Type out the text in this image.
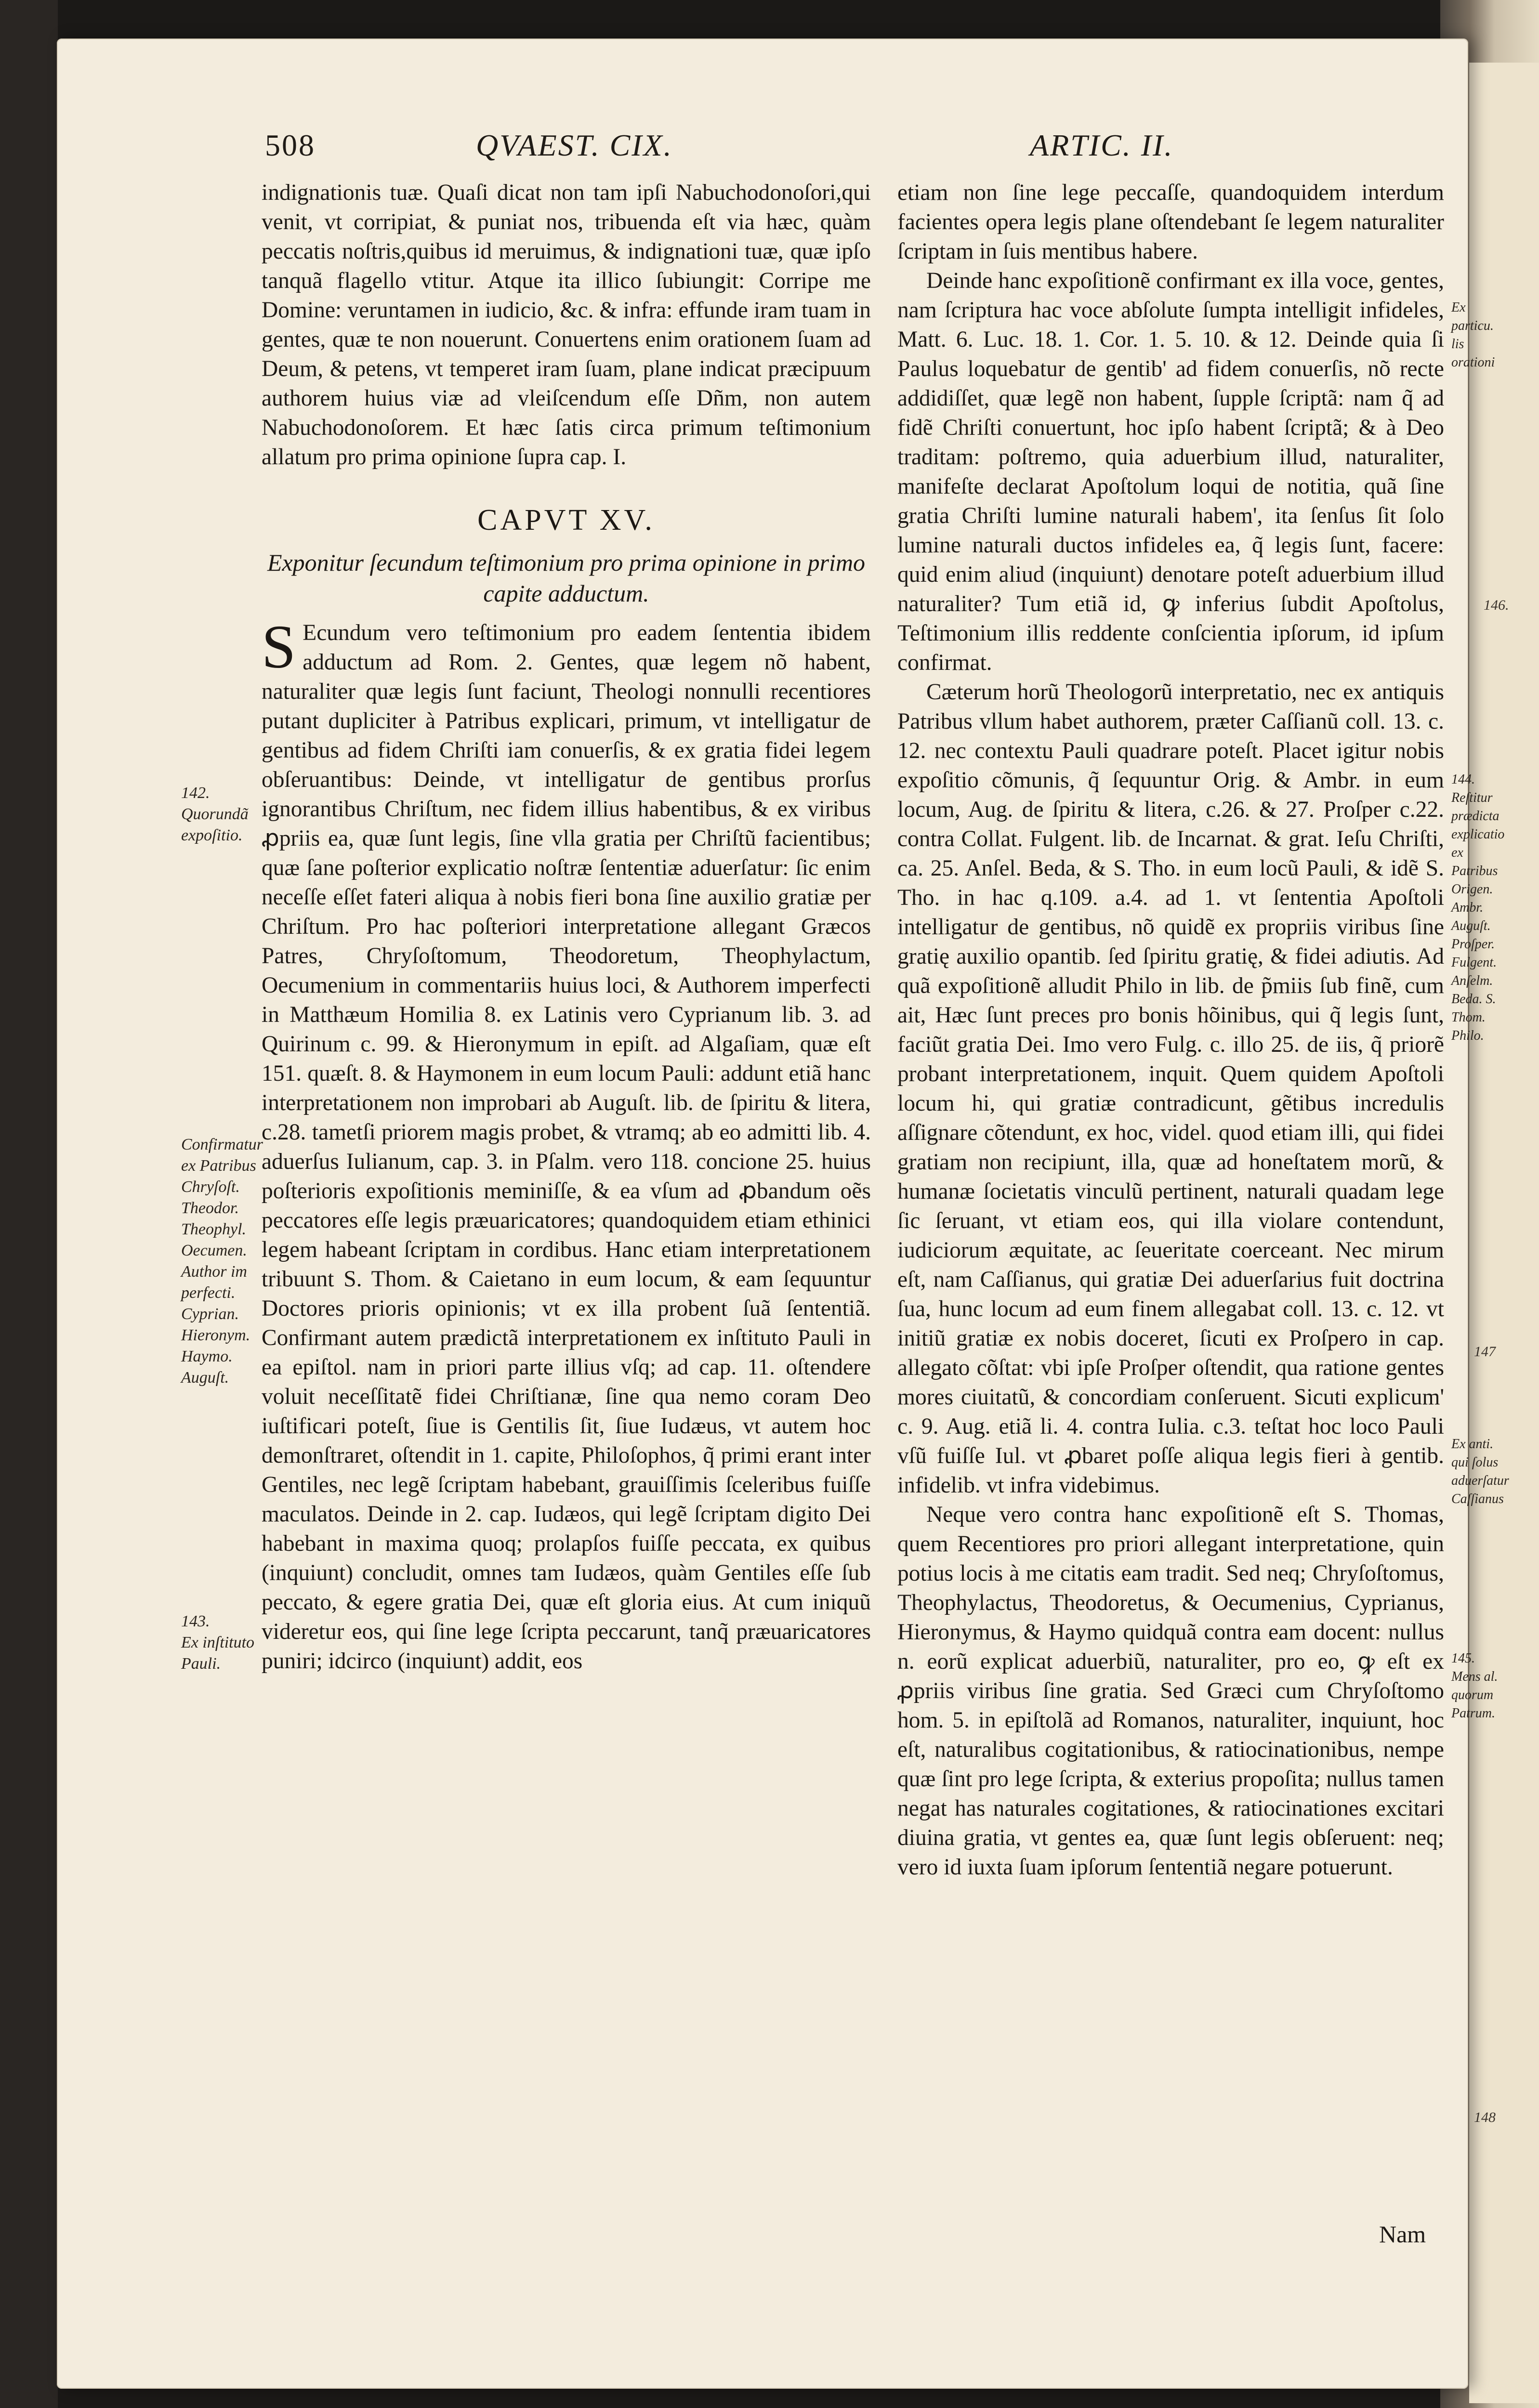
146.
147
148
508	QVAEST. CIX.	ARTIC. II.

indignationis tuæ. Quaſi dicat non tam ipſi Nabuchodonoſori,qui venit, vt corripiat, & puniat nos, tribuenda eſt via hæc, quàm peccatis noſtris,quibus id meruimus, & indignationi tuæ, quæ ipſo tanquã flagello vtitur. Atque ita illico ſubiungit: Corripe me Domine: veruntamen in iudicio, &c. & infra: effunde iram tuam in gentes, quæ te non nouerunt. Conuertens enim orationem ſuam ad Deum, & petens, vt temperet iram ſuam, plane indicat præcipuum authorem huius viæ ad vleiſcendum eſſe Dñm, non autem Nabuchodonoſorem. Et hæc ſatis circa primum teſtimonium allatum pro prima opinione ſupra cap. I.

CAPVT XV.
Exponitur ſecundum teſtimonium pro prima opinione in primo capite adductum.

S Ecundum vero teſtimonium pro eadem ſententia ibidem adductum ad Rom. 2. Gentes, quæ legem nõ habent, naturaliter quæ legis ſunt faciunt, Theologi nonnulli recentiores putant dupliciter à Patribus explicari, primum, vt intelligatur de gentibus ad fidem Chriſti iam conuerſis, & ex gratia fidei legem obſeruantibus: Deinde, vt intelligatur de gentibus prorſus ignorantibus Chriſtum, nec fidem illius habentibus, & ex viribus ꝓpriis ea, quæ ſunt legis, ſine vlla gratia per Chriſtũ facientibus; quæ ſane poſterior explicatio noſtræ ſententiæ aduerſatur: ſic enim neceſſe eſſet fateri aliqua à nobis fieri bona ſine auxilio gratiæ per Chriſtum. Pro hac poſteriori interpretatione allegant Græcos Patres, Chryſoſtomum, Theodoretum, Theophylactum, Oecumenium in commentariis huius loci, & Authorem imperfecti in Matthæum Homilia 8. ex Latinis vero Cyprianum lib. 3. ad Quirinum c. 99. & Hieronymum in epiſt. ad Algaſiam, quæ eſt 151. quæſt. 8. & Haymonem in eum locum Pauli: addunt etiã hanc interpretationem non improbari ab Auguſt. lib. de ſpiritu & litera, c.28. tametſi priorem magis probet, & vtramq; ab eo admitti lib. 4. aduerſus Iulianum, cap. 3. in Pſalm. vero 118. concione 25. huius poſterioris expoſitionis meminiſſe, & ea vſum ad ꝓbandum oẽs peccatores eſſe legis præuaricatores; quandoquidem etiam ethinici legem habeant ſcriptam in cordibus. Hanc etiam interpretationem tribuunt S. Thom. & Caietano in eum locum, & eam ſequuntur Doctores prioris opinionis; vt ex illa probent ſuã ſententiã. Confirmant autem prædictã interpretationem ex inſtituto Pauli in ea epiſtol. nam in priori parte illius vſq; ad cap. 11. oſtendere voluit neceſſitatẽ fidei Chriſtianæ, ſine qua nemo coram Deo iuſtificari poteſt, ſiue is Gentilis ſit, ſiue Iudæus, vt autem hoc demonſtraret, oſtendit in 1. capite, Philoſophos, q̃ primi erant inter Gentiles, nec legẽ ſcriptam habebant, grauiſſimis ſceleribus fuiſſe maculatos. Deinde in 2. cap. Iudæos, qui legẽ ſcriptam digito Dei habebant in maxima quoq; prolapſos fuiſſe peccata, ex quibus (inquiunt) concludit, omnes tam Iudæos, quàm Gentiles eſſe ſub peccato, & egere gratia Dei, quæ eſt gloria eius. At cum iniquũ videretur eos, qui ſine lege ſcripta peccarunt, tanq̃ præuaricatores puniri; idcirco (inquiunt) addit, eos

etiam non ſine lege peccaſſe, quandoquidem interdum facientes opera legis plane oſtendebant ſe legem naturaliter ſcriptam in ſuis mentibus habere.

Deinde hanc expoſitionẽ confirmant ex illa voce, gentes, nam ſcriptura hac voce abſolute ſumpta intelligit infideles, Matt. 6. Luc. 18. 1. Cor. 1. 5. 10. & 12. Deinde quia ſi Paulus loquebatur de gentib' ad fidem conuerſis, nõ recte addidiſſet, quæ legẽ non habent, ſupple ſcriptã: nam q̃ ad fidẽ Chriſti conuertunt, hoc ipſo habent ſcriptã; & à Deo traditam: poſtremo, quia aduerbium illud, naturaliter, manifeſte declarat Apoſtolum loqui de notitia, quã ſine gratia Chriſti lumine naturali habem', ita ſenſus ſit ſolo lumine naturali ductos infideles ea, q̃ legis ſunt, facere: quid enim aliud (inquiunt) denotare poteſt aduerbium illud naturaliter? Tum etiã id, ꝙ inferius ſubdit Apoſtolus, Teſtimonium illis reddente conſcientia ipſorum, id ipſum confirmat.

Cæterum horũ Theologorũ interpretatio, nec ex antiquis Patribus vllum habet authorem, præter Caſſianũ coll. 13. c. 12. nec contextu Pauli quadrare poteſt. Placet igitur nobis expoſitio cõmunis, q̃ ſequuntur Orig. & Ambr. in eum locum, Aug. de ſpiritu & litera, c.26. & 27. Proſper c.22. contra Collat. Fulgent. lib. de Incarnat. & grat. Ieſu Chriſti, ca. 25. Anſel. Beda, & S. Tho. in eum locũ Pauli, & idẽ S. Tho. in hac q.109. a.4. ad 1. vt ſententia Apoſtoli intelligatur de gentibus, nõ quidẽ ex propriis viribus ſine gratię auxilio opantib. ſed ſpiritu gratię, & fidei adiutis. Ad quã expoſitionẽ alludit Philo in lib. de p̃miis ſub finẽ, cum ait, Hæc ſunt preces pro bonis hõinibus, qui q̃ legis ſunt, faciũt gratia Dei. Imo vero Fulg. c. illo 25. de iis, q̃ priorẽ probant interpretationem, inquit. Quem quidem Apoſtoli locum hi, qui gratiæ contradicunt, gẽtibus incredulis aſſignare cõtendunt, ex hoc, videl. quod etiam illi, qui fidei gratiam non recipiunt, illa, quæ ad honeſtatem morũ, & humanæ ſocietatis vinculũ pertinent, naturali quadam lege ſic ſeruant, vt etiam eos, qui illa violare contendunt, iudiciorum æquitate, ac ſeueritate coerceant. Nec mirum eſt, nam Caſſianus, qui gratiæ Dei aduerſarius fuit doctrina ſua, hunc locum ad eum finem allegabat coll. 13. c. 12. vt initiũ gratiæ ex nobis doceret, ſicuti ex Proſpero in cap. allegato cõſtat: vbi ipſe Proſper oſtendit, qua ratione gentes mores ciuitatũ, & concordiam conſeruent. Sicuti explicum' c. 9. Aug. etiã li. 4. contra Iulia. c.3. teſtat hoc loco Pauli vſũ fuiſſe Iul. vt ꝓbaret poſſe aliqua legis fieri à gentib. infidelib. vt infra videbimus.

Neque vero contra hanc expoſitionẽ eſt S. Thomas, quem Recentiores pro priori allegant interpretatione, quin potius locis à me citatis eam tradit. Sed neq; Chryſoſtomus, Theophylactus, Theodoretus, & Oecumenius, Cyprianus, Hieronymus, & Haymo quidquã contra eam docent: nullus n. eorũ explicat aduerbiũ, naturaliter, pro eo, ꝙ eſt ex ꝓpriis viribus ſine gratia. Sed Græci cum Chryſoſtomo hom. 5. in epiſtolã ad Romanos, naturaliter, inquiunt, hoc eſt, naturalibus cogitationibus, & ratiocinationibus, nempe quæ ſint pro lege ſcripta, & exterius propoſita; nullus tamen negat has naturales cogitationes, & ratiocinationes excitari diuina gratia, vt gentes ea, quæ ſunt legis obſeruent: neq; vero id iuxta ſuam ipſorum ſententiã negare potuerunt.

142.
Quorundã expoſitio.
Confirmatur ex Patribus Chryſoſt. Theodor. Theophyl. Oecumen. Author im perfecti. Cyprian. Hieronym. Haymo. Auguſt.
143.
Ex inſtituto Pauli.
Ex particu. lis orationi
144.
Reſtitur prædicta explicatio ex Patribus Origen. Ambr. Auguſt. Proſper. Fulgent. Anſelm. Beda. S. Thom. Philo.
Ex anti. qui ſolus aduerſatur Caſſianus
145.
Mens al. quorum Patrum.
Nam
